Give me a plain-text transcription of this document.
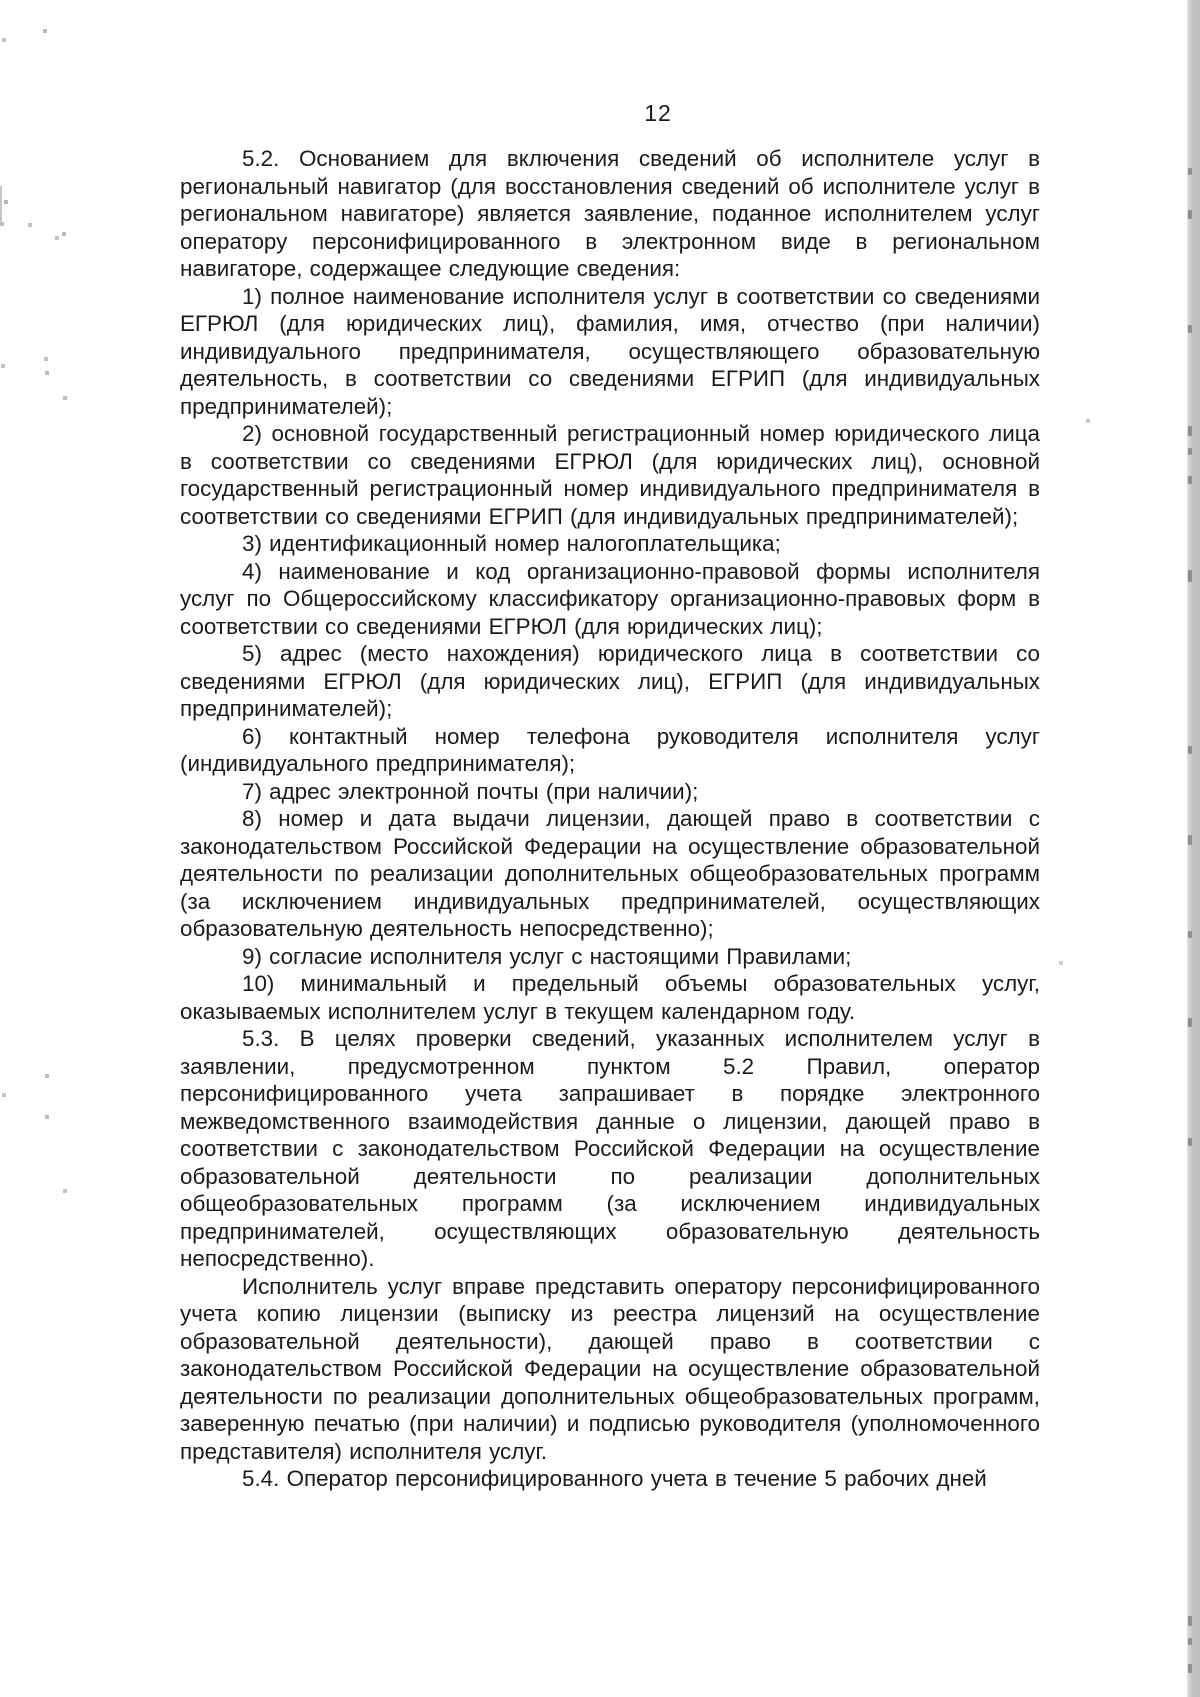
12

5.2. Основанием для включения сведений об исполнителе услуг в региональный навигатор (для восстановления сведений об исполнителе услуг в региональном навигаторе) является заявление, поданное исполнителем услуг оператору персонифицированного в электронном виде в региональном навигаторе, содержащее следующие сведения:

1) полное наименование исполнителя услуг в соответствии со сведениями ЕГРЮЛ (для юридических лиц), фамилия, имя, отчество (при наличии) индивидуального предпринимателя, осуществляющего образовательную деятельность, в соответствии со сведениями ЕГРИП (для индивидуальных предпринимателей);

2) основной государственный регистрационный номер юридического лица в соответствии со сведениями ЕГРЮЛ (для юридических лиц), основной государственный регистрационный номер индивидуального предпринимателя в соответствии со сведениями ЕГРИП (для индивидуальных предпринимателей);

3) идентификационный номер налогоплательщика;

4) наименование и код организационно-правовой формы исполнителя услуг по Общероссийскому классификатору организационно-правовых форм в соответствии со сведениями ЕГРЮЛ (для юридических лиц);

5) адрес (место нахождения) юридического лица в соответствии со сведениями ЕГРЮЛ (для юридических лиц), ЕГРИП (для индивидуальных предпринимателей);

6) контактный номер телефона руководителя исполнителя услуг (индивидуального предпринимателя);

7) адрес электронной почты (при наличии);

8) номер и дата выдачи лицензии, дающей право в соответствии с законодательством Российской Федерации на осуществление образовательной деятельности по реализации дополнительных общеобразовательных программ (за исключением индивидуальных предпринимателей, осуществляющих образовательную деятельность непосредственно);

9) согласие исполнителя услуг с настоящими Правилами;

10) минимальный и предельный объемы образовательных услуг, оказываемых исполнителем услуг в текущем календарном году.

5.3. В целях проверки сведений, указанных исполнителем услуг в заявлении, предусмотренном пунктом 5.2 Правил, оператор персонифицированного учета запрашивает в порядке электронного межведомственного взаимодействия данные о лицензии, дающей право в соответствии с законодательством Российской Федерации на осуществление образовательной деятельности по реализации дополнительных общеобразовательных программ (за исключением индивидуальных предпринимателей, осуществляющих образовательную деятельность непосредственно).

Исполнитель услуг вправе представить оператору персонифицированного учета копию лицензии (выписку из реестра лицензий на осуществление образовательной деятельности), дающей право в соответствии с законодательством Российской Федерации на осуществление образовательной деятельности по реализации дополнительных общеобразовательных программ, заверенную печатью (при наличии) и подписью руководителя (уполномоченного представителя) исполнителя услуг.

5.4. Оператор персонифицированного учета в течение 5 рабочих дней
